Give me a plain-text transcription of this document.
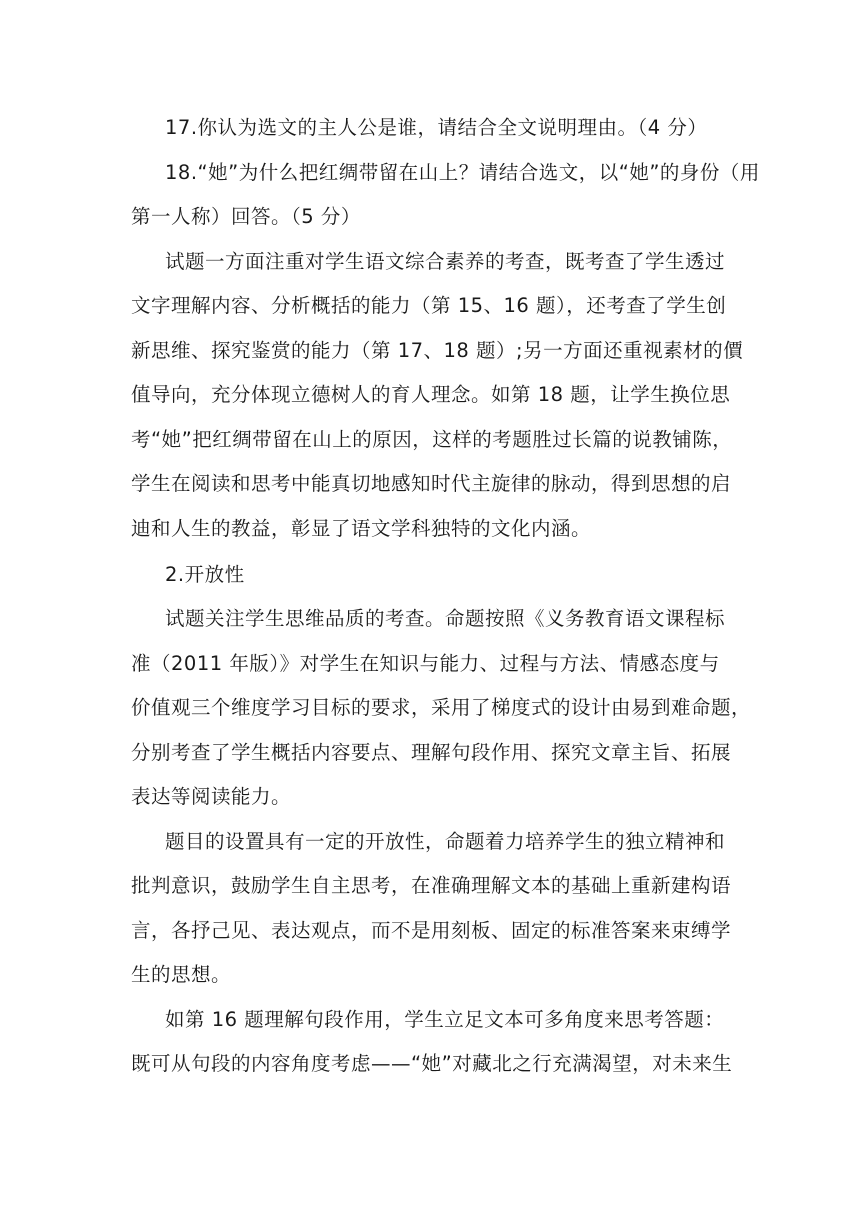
17.你认为选文的主人公是谁，请结合全文说明理由。（4 分）
18.“她”为什么把红绸带留在山上？请结合选文，以“她”的身份（用
第一人称）回答。（5 分）
试题一方面注重对学生语文综合素养的考查，既考查了学生透过
文字理解内容、分析概括的能力（第 15、16 题），还考查了学生创
新思维、探究鉴赏的能力（第 17、18 题）;另一方面还重视素材的價
值导向，充分体现立德树人的育人理念。如第 18 题，让学生换位思
考“她”把红绸带留在山上的原因，这样的考题胜过长篇的说教铺陈，
学生在阅读和思考中能真切地感知时代主旋律的脉动，得到思想的启
迪和人生的教益，彰显了语文学科独特的文化内涵。
2.开放性
试题关注学生思维品质的考查。命题按照《义务教育语文课程标
准（2011 年版）》对学生在知识与能力、过程与方法、情感态度与
价值观三个维度学习目标的要求，采用了梯度式的设计由易到难命题，
分别考查了学生概括内容要点、理解句段作用、探究文章主旨、拓展
表达等阅读能力。
题目的设置具有一定的开放性，命题着力培养学生的独立精神和
批判意识，鼓励学生自主思考，在准确理解文本的基础上重新建构语
言，各抒己见、表达观点，而不是用刻板、固定的标准答案来束缚学
生的思想。
如第 16 题理解句段作用，学生立足文本可多角度来思考答题：
既可从句段的内容角度考虑——“她”对藏北之行充满渴望，对未来生
